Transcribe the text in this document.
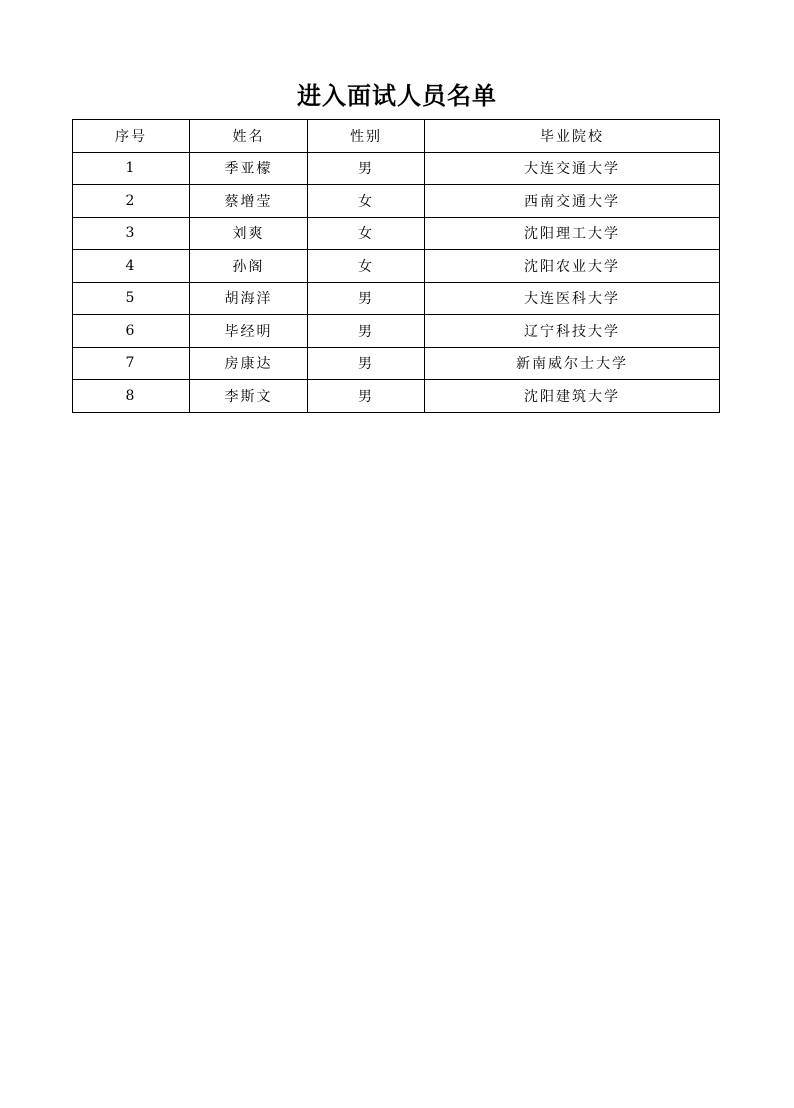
进入面试人员名单
序号	姓名	性别	毕业院校
1	季亚檬	男	大连交通大学
2	蔡增莹	女	西南交通大学
3	刘爽	女	沈阳理工大学
4	孙阁	女	沈阳农业大学
5	胡海洋	男	大连医科大学
6	毕经明	男	辽宁科技大学
7	房康达	男	新南威尔士大学
8	李斯文	男	沈阳建筑大学
